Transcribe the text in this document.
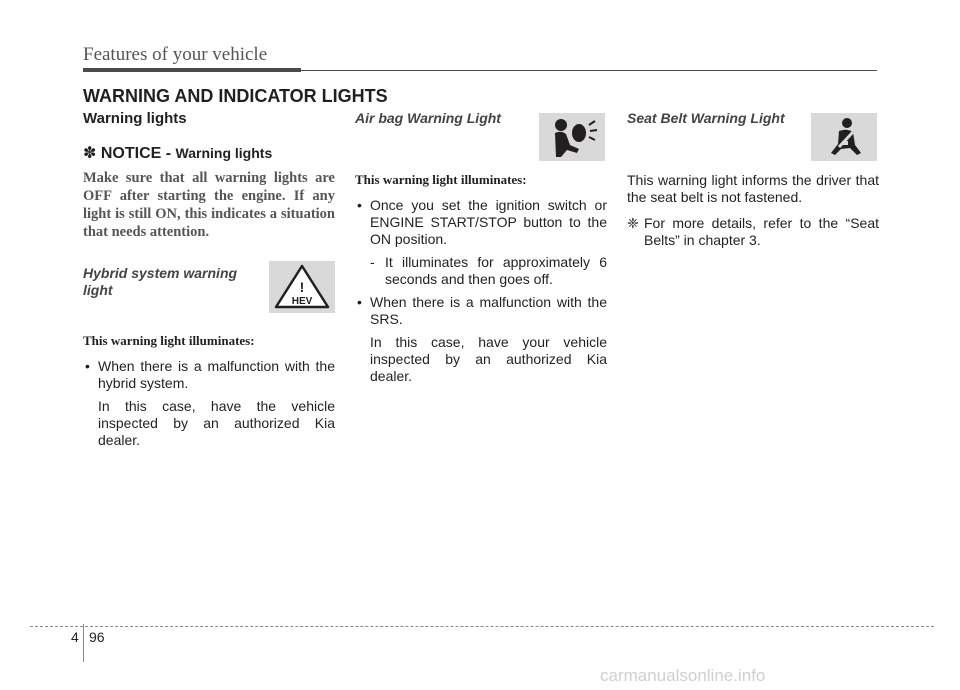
Features of your vehicle
WARNING AND INDICATOR LIGHTS
Warning lights
✽ NOTICE - Warning lights
Make sure that all warning lights are OFF after starting the engine. If any light is still ON, this indicates a situation that needs attention.
Hybrid system warning
light	!
HEV
This warning light illuminates:
• When there is a malfunction with the hybrid system.
In this case, have the vehicle inspected by an authorized Kia dealer.
Air bag Warning Light
This warning light illuminates:
• Once you set the ignition switch or ENGINE START/STOP button to the ON position.
- It illuminates for approximately 6 seconds and then goes off.
• When there is a malfunction with the SRS.
In this case, have your vehicle inspected by an authorized Kia dealer.
Seat Belt Warning Light
This warning light informs the driver that the seat belt is not fastened.
❈ For more details, refer to the “Seat Belts” in chapter 3.
4 96
carmanualsonline.info
